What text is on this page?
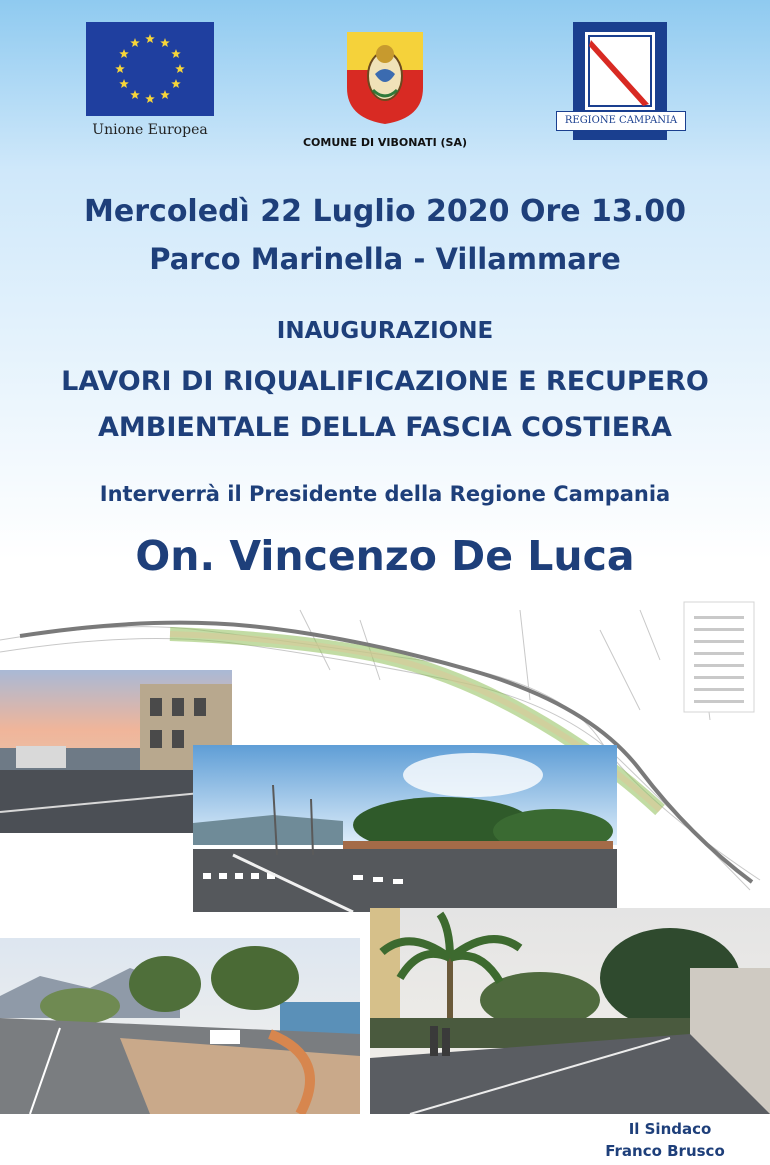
Unione Europea
COMUNE DI VIBONATI (SA)
REGIONE CAMPANIA
Mercoledì 22 Luglio 2020 Ore 13.00
Parco Marinella - Villammare
INAUGURAZIONE
LAVORI DI RIQUALIFICAZIONE E RECUPERO
AMBIENTALE DELLA FASCIA COSTIERA
Interverrà il Presidente della Regione Campania
On. Vincenzo De Luca
Il Sindaco
Franco Brusco
